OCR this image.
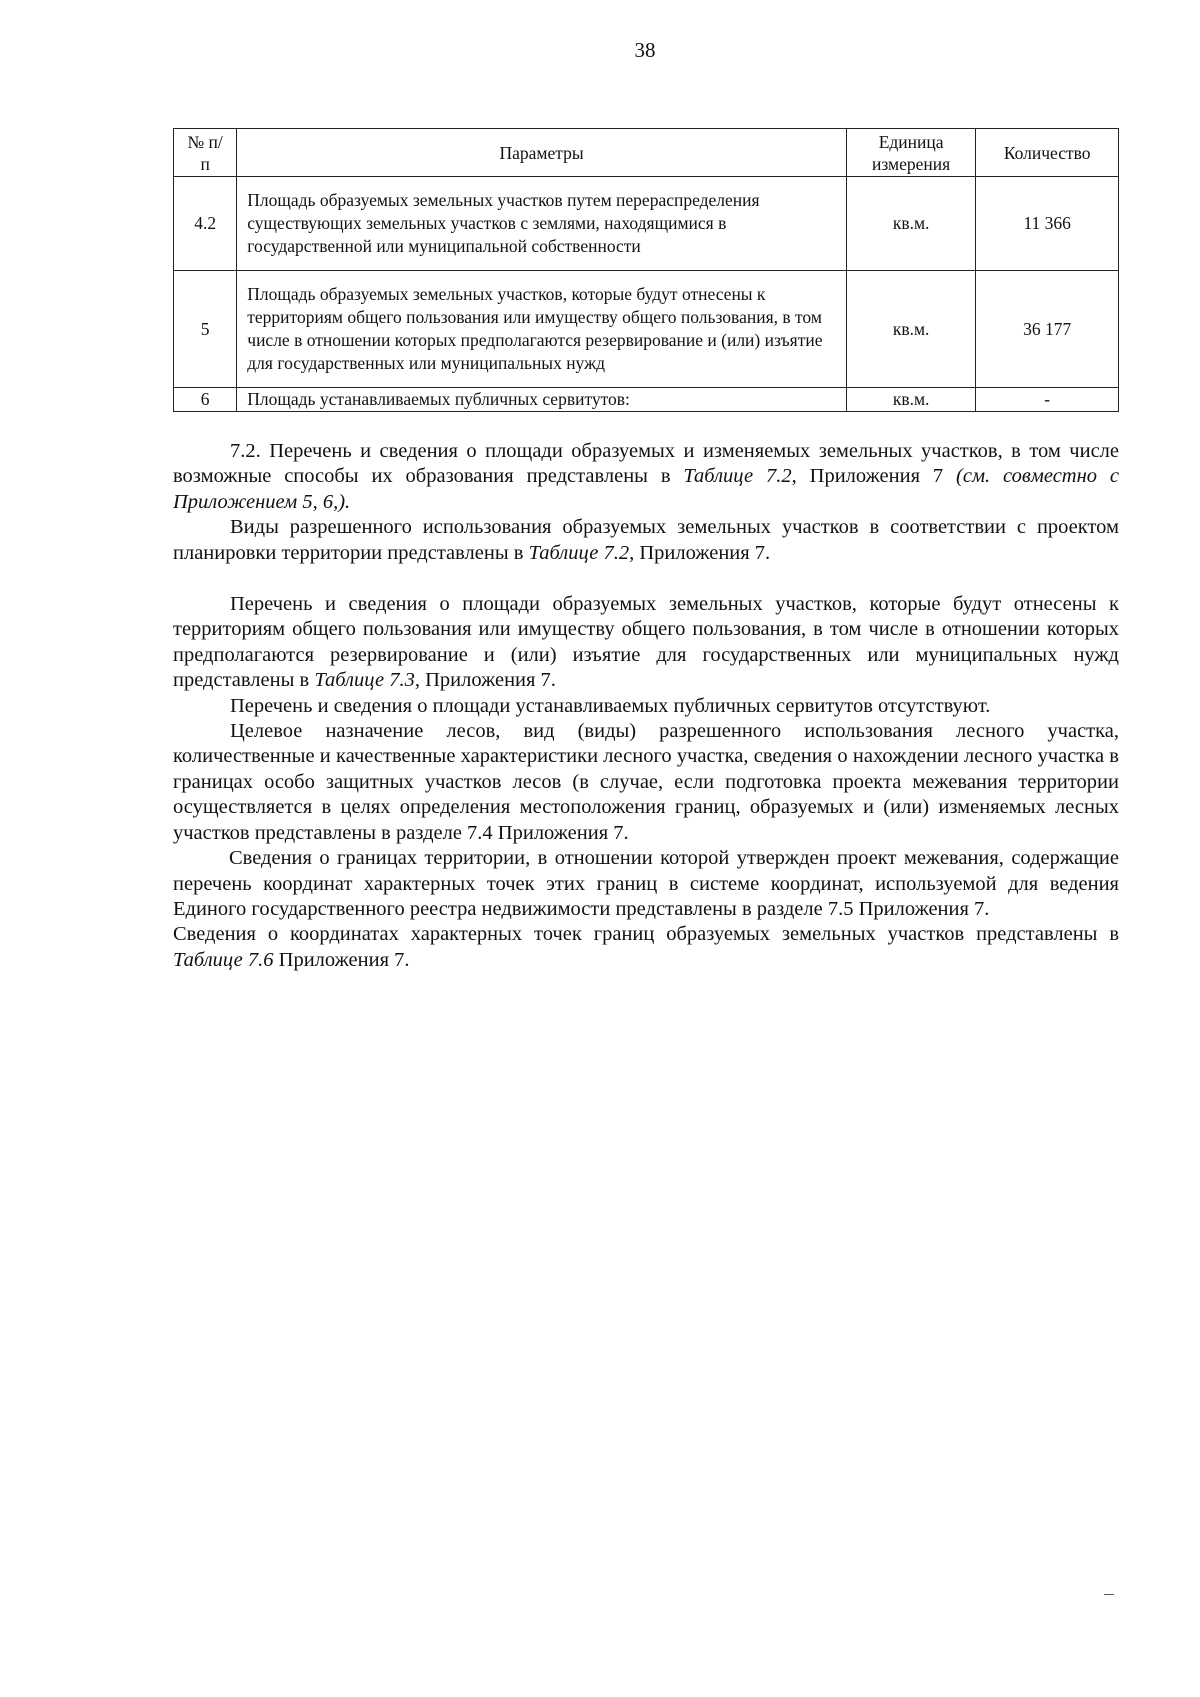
38
№ п/п	Параметры	Единица измерения	Количество
4.2	Площадь образуемых земельных участков путем перераспределения существующих земельных участков с землями, находящимися в государственной или муниципальной собственности	кв.м.	11 366
5	Площадь образуемых земельных участков, которые будут отнесены к территориям общего пользования или имуществу общего пользования, в том числе в отношении которых предполагаются резервирование и (или) изъятие для государственных или муниципальных нужд	кв.м.	36 177
6	Площадь устанавливаемых публичных сервитутов:	кв.м.	-

7.2. Перечень и сведения о площади образуемых и изменяемых земельных участков, в том числе возможные способы их образования представлены в Таблице 7.2, Приложения 7 (см. совместно с Приложением 5, 6,).

Виды разрешенного использования образуемых земельных участков в соответствии с проектом планировки территории представлены в Таблице 7.2, Приложения 7.

Перечень и сведения о площади образуемых земельных участков, которые будут отнесены к территориям общего пользования или имуществу общего пользования, в том числе в отношении которых предполагаются резервирование и (или) изъятие для государственных или муниципальных нужд представлены в Таблице 7.3, Приложения 7.

Перечень и сведения о площади устанавливаемых публичных сервитутов отсутствуют.

Целевое назначение лесов, вид (виды) разрешенного использования лесного участка, количественные и качественные характеристики лесного участка, сведения о нахождении лесного участка в границах особо защитных участков лесов (в случае, если подготовка проекта межевания территории осуществляется в целях определения местоположения границ, образуемых и (или) изменяемых лесных участков представлены в разделе 7.4 Приложения 7.

Сведения о границах территории, в отношении которой утвержден проект межевания, содержащие перечень координат характерных точек этих границ в системе координат, используемой для ведения Единого государственного реестра недвижимости представлены в разделе 7.5 Приложения 7.

Сведения о координатах характерных точек границ образуемых земельных участков представлены в Таблице 7.6 Приложения 7.
